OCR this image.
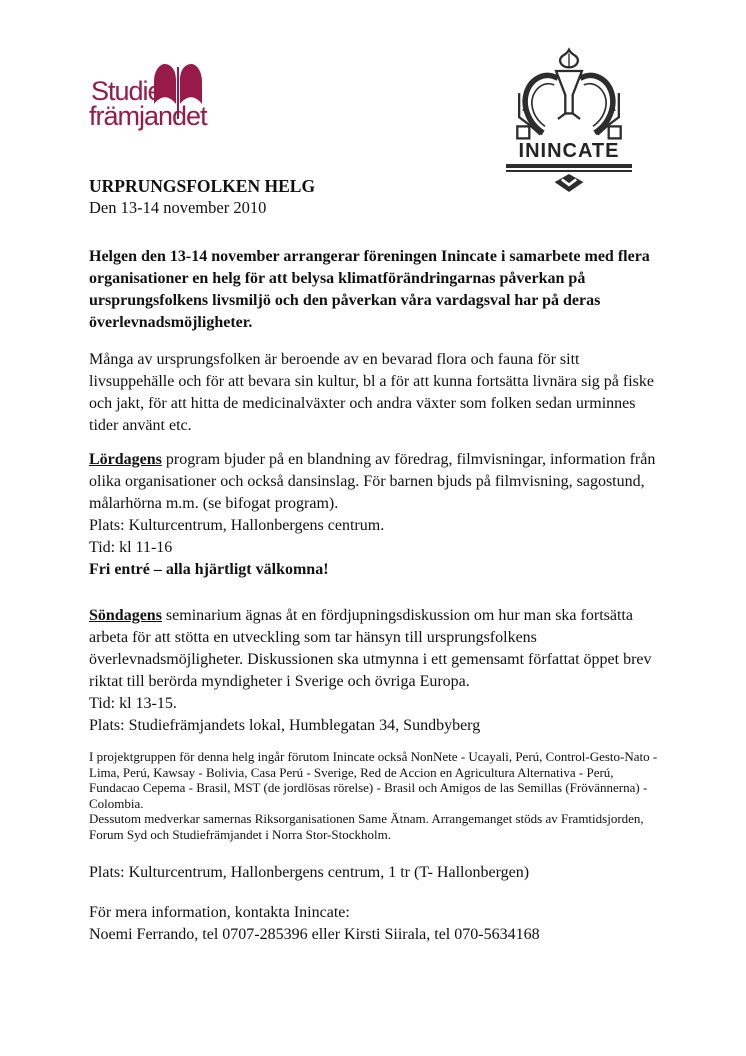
Studie
främjandet
ININCATE
URPRUNGSFOLKEN HELG
Den 13-14 november 2010

Helgen den 13-14 november arrangerar föreningen Inincate i samarbete med flera organisationer en helg för att belysa klimatförändringarnas påverkan på ursprungsfolkens livsmiljö och den påverkan våra vardagsval har på deras överlevnadsmöjligheter.

Många av ursprungsfolken är beroende av en bevarad flora och fauna för sitt livsuppehälle och för att bevara sin kultur, bl a för att kunna fortsätta livnära sig på fiske och jakt, för att hitta de medicinalväxter och andra växter som folken sedan urminnes tider använt etc.

Lördagens program bjuder på en blandning av föredrag, filmvisningar, information från olika organisationer och också dansinslag. För barnen bjuds på filmvisning, sagostund, målarhörna m.m. (se bifogat program).

Plats: Kulturcentrum, Hallonbergens centrum.

Tid: kl 11-16

Fri entré – alla hjärtligt välkomna!

Söndagens seminarium ägnas åt en fördjupningsdiskussion om hur man ska fortsätta arbeta för att stötta en utveckling som tar hänsyn till ursprungsfolkens överlevnadsmöjligheter. Diskussionen ska utmynna i ett gemensamt författat öppet brev riktat till berörda myndigheter i Sverige och övriga Europa.

Tid: kl 13-15.

Plats: Studiefrämjandets lokal, Humblegatan 34, Sundbyberg

I projektgruppen för denna helg ingår förutom Inincate också NonNete - Ucayali, Perú, Control-Gesto-Nato - Lima, Perú, Kawsay - Bolivia, Casa Perú - Sverige, Red de Accion en Agricultura Alternativa - Perú, Fundacao Cepema - Brasil, MST (de jordlösas rörelse) - Brasil och Amigos de las Semillas (Frövännerna) - Colombia.

Dessutom medverkar samernas Riksorganisationen Same Ätnam. Arrangemanget stöds av Framtidsjorden, Forum Syd och Studiefrämjandet i Norra Stor-Stockholm.

Plats: Kulturcentrum, Hallonbergens centrum, 1 tr (T- Hallonbergen)

För mera information, kontakta Inincate:

Noemi Ferrando, tel 0707-285396 eller Kirsti Siirala, tel 070-5634168
